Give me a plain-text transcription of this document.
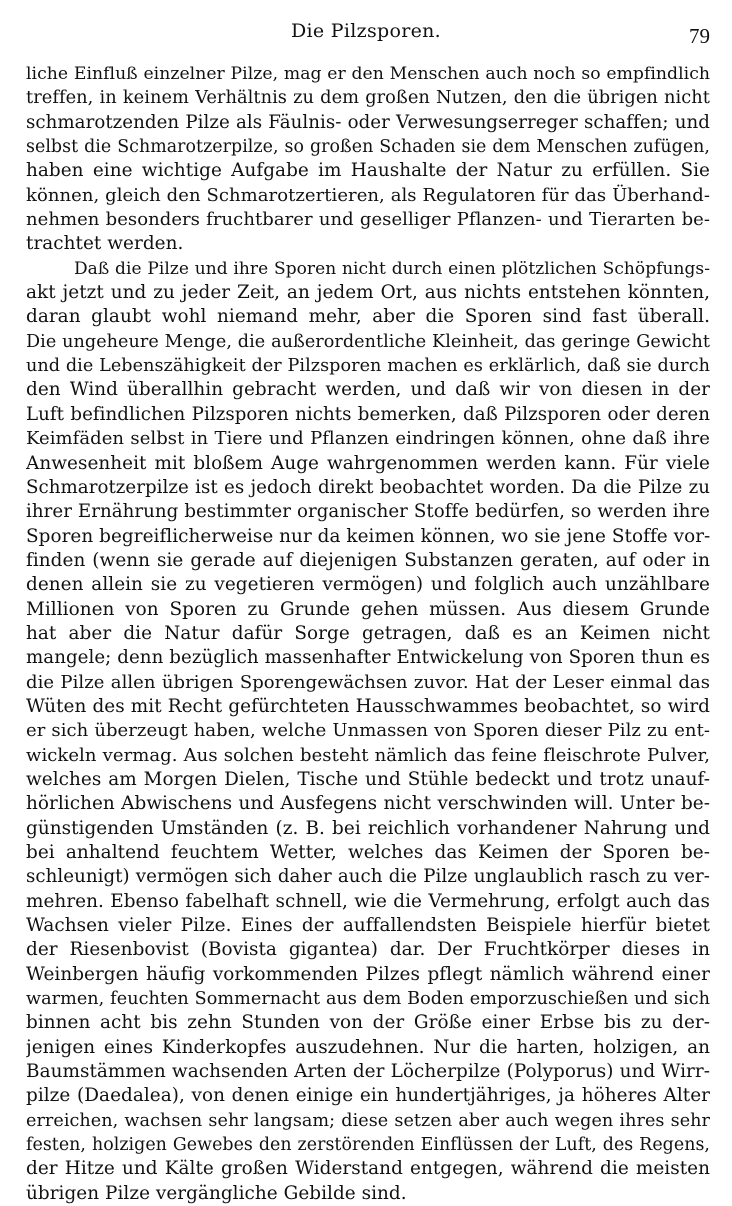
Die Pilzsporen.	79
liche Einfluß einzelner Pilze, mag er den Menschen auch noch so empfindlich
treffen, in keinem Verhältnis zu dem großen Nutzen, den die übrigen nicht
schmarotzenden Pilze als Fäulnis- oder Verwesungserreger schaffen; und
selbst die Schmarotzerpilze, so großen Schaden sie dem Menschen zufügen,
haben eine wichtige Aufgabe im Haushalte der Natur zu erfüllen. Sie
können, gleich den Schmarotzertieren, als Regulatoren für das Überhand-
nehmen besonders fruchtbarer und geselliger Pflanzen- und Tierarten be-
trachtet werden.
Daß die Pilze und ihre Sporen nicht durch einen plötzlichen Schöpfungs-
akt jetzt und zu jeder Zeit, an jedem Ort, aus nichts entstehen könnten,
daran glaubt wohl niemand mehr, aber die Sporen sind fast überall.
Die ungeheure Menge, die außerordentliche Kleinheit, das geringe Gewicht
und die Lebenszähigkeit der Pilzsporen machen es erklärlich, daß sie durch
den Wind überallhin gebracht werden, und daß wir von diesen in der
Luft befindlichen Pilzsporen nichts bemerken, daß Pilzsporen oder deren
Keimfäden selbst in Tiere und Pflanzen eindringen können, ohne daß ihre
Anwesenheit mit bloßem Auge wahrgenommen werden kann. Für viele
Schmarotzerpilze ist es jedoch direkt beobachtet worden. Da die Pilze zu
ihrer Ernährung bestimmter organischer Stoffe bedürfen, so werden ihre
Sporen begreiflicherweise nur da keimen können, wo sie jene Stoffe vor-
finden (wenn sie gerade auf diejenigen Substanzen geraten, auf oder in
denen allein sie zu vegetieren vermögen) und folglich auch unzählbare
Millionen von Sporen zu Grunde gehen müssen. Aus diesem Grunde
hat aber die Natur dafür Sorge getragen, daß es an Keimen nicht
mangele; denn bezüglich massenhafter Entwickelung von Sporen thun es
die Pilze allen übrigen Sporengewächsen zuvor. Hat der Leser einmal das
Wüten des mit Recht gefürchteten Hausschwammes beobachtet, so wird
er sich überzeugt haben, welche Unmassen von Sporen dieser Pilz zu ent-
wickeln vermag. Aus solchen besteht nämlich das feine fleischrote Pulver,
welches am Morgen Dielen, Tische und Stühle bedeckt und trotz unauf-
hörlichen Abwischens und Ausfegens nicht verschwinden will. Unter be-
günstigenden Umständen (z. B. bei reichlich vorhandener Nahrung und
bei anhaltend feuchtem Wetter, welches das Keimen der Sporen be-
schleunigt) vermögen sich daher auch die Pilze unglaublich rasch zu ver-
mehren. Ebenso fabelhaft schnell, wie die Vermehrung, erfolgt auch das
Wachsen vieler Pilze. Eines der auffallendsten Beispiele hierfür bietet
der Riesenbovist (Bovista gigantea) dar. Der Fruchtkörper dieses in
Weinbergen häufig vorkommenden Pilzes pflegt nämlich während einer
warmen, feuchten Sommernacht aus dem Boden emporzuschießen und sich
binnen acht bis zehn Stunden von der Größe einer Erbse bis zu der-
jenigen eines Kinderkopfes auszudehnen. Nur die harten, holzigen, an
Baumstämmen wachsenden Arten der Löcherpilze (Polyporus) und Wirr-
pilze (Daedalea), von denen einige ein hundertjähriges, ja höheres Alter
erreichen, wachsen sehr langsam; diese setzen aber auch wegen ihres sehr
festen, holzigen Gewebes den zerstörenden Einflüssen der Luft, des Regens,
der Hitze und Kälte großen Widerstand entgegen, während die meisten
übrigen Pilze vergängliche Gebilde sind.
